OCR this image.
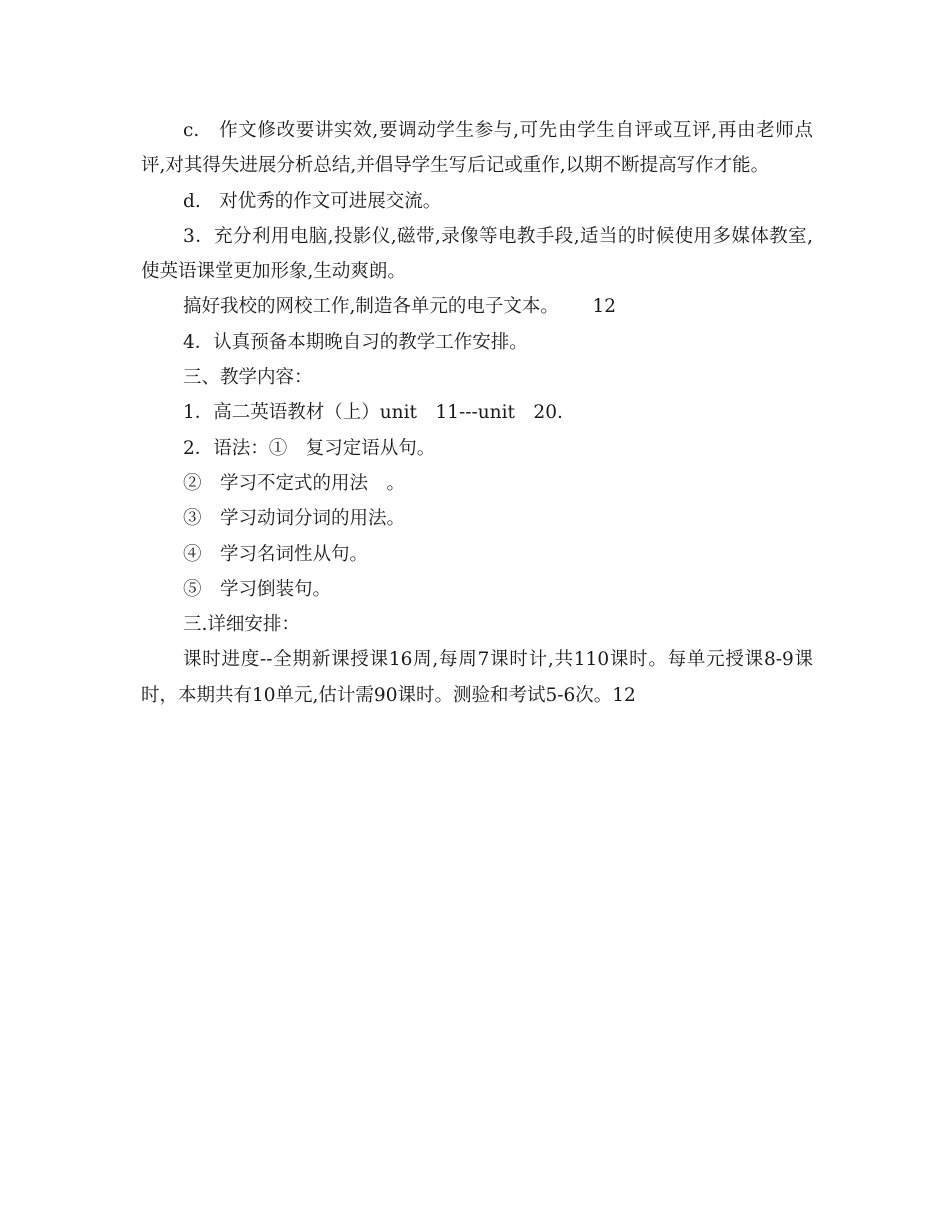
c.　作文修改要讲实效,要调动学生参与,可先由学生自评或互评,再由老师点评,对其得失进展分析总结,并倡导学生写后记或重作,以期不断提高写作才能。

d.　对优秀的作文可进展交流。

3．充分利用电脑,投影仪,磁带,录像等电教手段,适当的时候使用多媒体教室,使英语课堂更加形象,生动爽朗。

搞好我校的网校工作,制造各单元的电子文本。　　 12

4．认真预备本期晚自习的教学工作安排。

三、教学内容：

1．高二英语教材（上）unit　11---unit　20.

2．语法：①　复习定语从句。

②　学习不定式的用法　。

③　学习动词分词的用法。

④　学习名词性从句。

⑤　学习倒装句。

三.详细安排：

课时进度--全期新课授课16周,每周7课时计,共110课时。每单元授课8-9课时，本期共有10单元,估计需90课时。测验和考试5-6次。12
